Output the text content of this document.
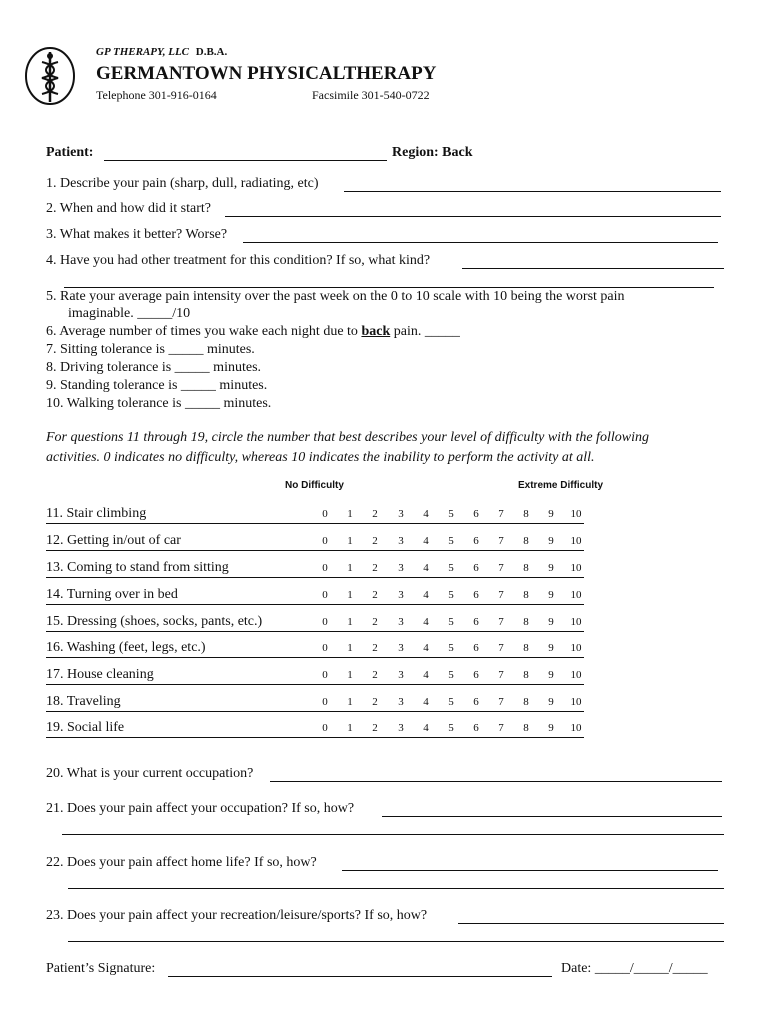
GP THERAPY, LLC D.B.A.
GERMANTOWN PHYSICALTHERAPY
Telephone 301-916-0164	Facsimile 301-540-0722
Patient:	Region: Back
1. Describe your pain (sharp, dull, radiating, etc)
2. When and how did it start?
3. What makes it better? Worse?
4. Have you had other treatment for this condition? If so, what kind?
5. Rate your average pain intensity over the past week on the 0 to 10 scale with 10 being the worst pain
imaginable. _____/10
6. Average number of times you wake each night due to back pain. _____
7. Sitting tolerance is _____ minutes.
8. Driving tolerance is _____ minutes.
9. Standing tolerance is _____ minutes.
10. Walking tolerance is _____ minutes.
For questions 11 through 19, circle the number that best describes your level of difficulty with the following
activities. 0 indicates no difficulty, whereas 10 indicates the inability to perform the activity at all.
No Difficulty	Extreme Difficulty
11. Stair climbing	0	1	2	3	4	5	6	7	8	9	10
12. Getting in/out of car	0	1	2	3	4	5	6	7	8	9	10
13. Coming to stand from sitting	0	1	2	3	4	5	6	7	8	9	10
14. Turning over in bed	0	1	2	3	4	5	6	7	8	9	10
15. Dressing (shoes, socks, pants, etc.)	0	1	2	3	4	5	6	7	8	9	10
16. Washing (feet, legs, etc.)	0	1	2	3	4	5	6	7	8	9	10
17. House cleaning	0	1	2	3	4	5	6	7	8	9	10
18. Traveling	0	1	2	3	4	5	6	7	8	9	10
19. Social life	0	1	2	3	4	5	6	7	8	9	10
20. What is your current occupation?
21. Does your pain affect your occupation? If so, how?
22. Does your pain affect home life? If so, how?
23. Does your pain affect your recreation/leisure/sports? If so, how?
Patient’s Signature:	Date: _____/_____/_____
